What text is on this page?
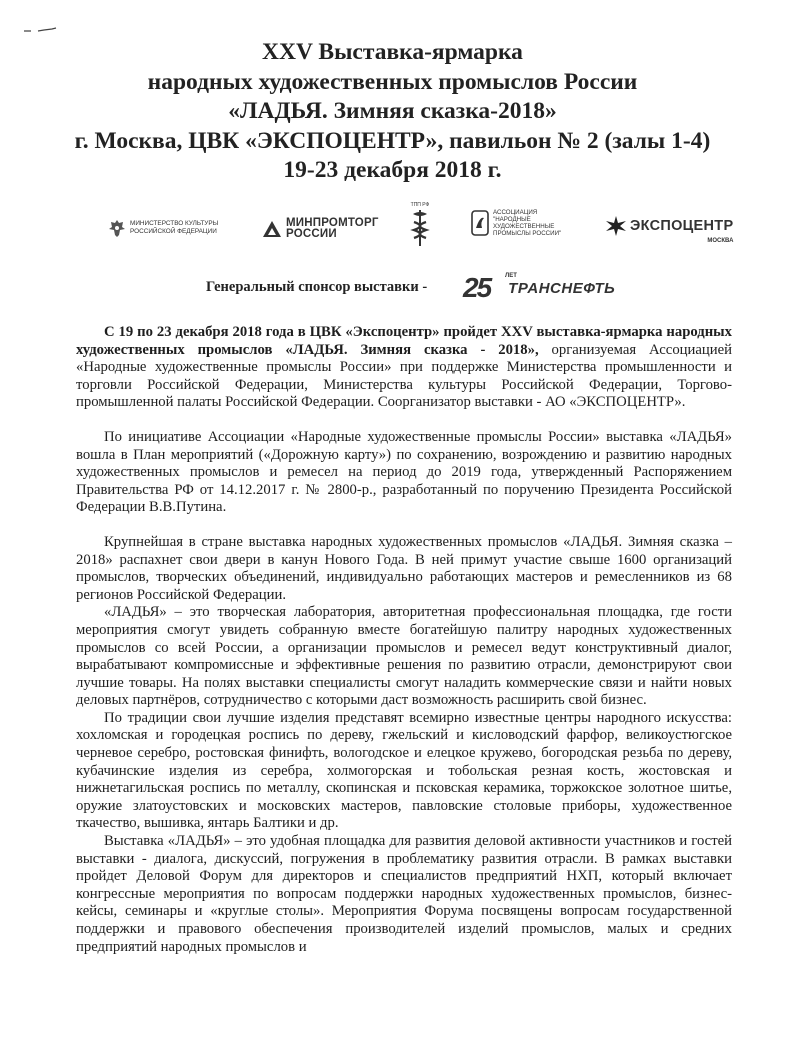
XXV Выставка-ярмарка
народных художественных промыслов России
«ЛАДЬЯ. Зимняя сказка-2018»
г. Москва, ЦВК «ЭКСПОЦЕНТР», павильон № 2 (залы 1-4)
19-23 декабря 2018 г.
МИНИСТЕРСТВО КУЛЬТУРЫ
РОССИЙСКОЙ ФЕДЕРАЦИИ
МИНПРОМТОРГ
РОССИИ
ТПП РФ
АССОЦИАЦИЯ
"НАРОДНЫЕ
ХУДОЖЕСТВЕННЫЕ
ПРОМЫСЛЫ РОССИИ"	ЭКСПОЦЕНТР
МОСКВА
Генеральный спонсор выставки - 25 ЛЕТ
ТРАНСНЕФТЬ

С 19 по 23 декабря 2018 года в ЦВК «Экспоцентр» пройдет XXV выставка-ярмарка народных художественных промыслов «ЛАДЬЯ. Зимняя сказка - 2018», организуемая Ассоциацией «Народные художественные промыслы России» при поддержке Министерства промышленности и торговли Российской Федерации, Министерства культуры Российской Федерации, Торгово-промышленной палаты Российской Федерации. Соорганизатор выставки - АО «ЭКСПОЦЕНТР».

По инициативе Ассоциации «Народные художественные промыслы России» выставка «ЛАДЬЯ» вошла в План мероприятий («Дорожную карту») по сохранению, возрождению и развитию народных художественных промыслов и ремесел на период до 2019 года, утвержденный Распоряжением Правительства РФ от 14.12.2017 г. № 2800-р., разработанный по поручению Президента Российской Федерации В.В.Путина.

Крупнейшая в стране выставка народных художественных промыслов «ЛАДЬЯ. Зимняя сказка – 2018» распахнет свои двери в канун Нового Года. В ней примут участие свыше 1600 организаций промыслов, творческих объединений, индивидуально работающих мастеров и ремесленников из 68 регионов Российской Федерации.

«ЛАДЬЯ» – это творческая лаборатория, авторитетная профессиональная площадка, где гости мероприятия смогут увидеть собранную вместе богатейшую палитру народных художественных промыслов со всей России, а организации промыслов и ремесел ведут конструктивный диалог, вырабатывают компромиссные и эффективные решения по развитию отрасли, демонстрируют свои лучшие товары. На полях выставки специалисты смогут наладить коммерческие связи и найти новых деловых партнёров, сотрудничество с которыми даст возможность расширить свой бизнес.

По традиции свои лучшие изделия представят всемирно известные центры народного искусства: хохломская и городецкая роспись по дереву, гжельский и кисловодский фарфор, великоустюгское черневое серебро, ростовская финифть, вологодское и елецкое кружево, богородская резьба по дереву, кубачинские изделия из серебра, холмогорская и тобольская резная кость, жостовская и нижнетагильская роспись по металлу, скопинская и псковская керамика, торжокское золотное шитье, оружие златоустовских и московских мастеров, павловские столовые приборы, художественное ткачество, вышивка, янтарь Балтики и др.

Выставка «ЛАДЬЯ» – это удобная площадка для развития деловой активности участников и гостей выставки - диалога, дискуссий, погружения в проблематику развития отрасли. В рамках выставки пройдет Деловой Форум для директоров и специалистов предприятий НХП, который включает конгрессные мероприятия по вопросам поддержки народных художественных промыслов, бизнес-кейсы, семинары и «круглые столы». Мероприятия Форума посвящены вопросам государственной поддержки и правового обеспечения производителей изделий промыслов, малых и средних предприятий народных промыслов и
